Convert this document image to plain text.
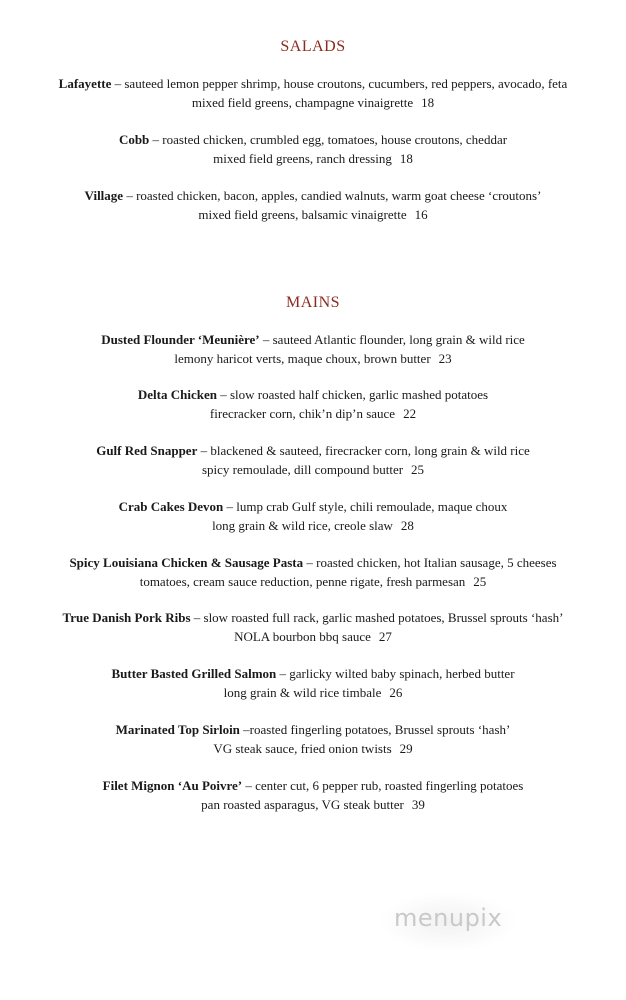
SALADS
Lafayette – sauteed lemon pepper shrimp, house croutons, cucumbers, red peppers, avocado, feta
mixed field greens, champagne vinaigrette 18
Cobb – roasted chicken, crumbled egg, tomatoes, house croutons, cheddar
mixed field greens, ranch dressing 18
Village – roasted chicken, bacon, apples, candied walnuts, warm goat cheese ‘croutons’
mixed field greens, balsamic vinaigrette 16
MAINS
Dusted Flounder ‘Meunière’ – sauteed Atlantic flounder, long grain & wild rice
lemony haricot verts, maque choux, brown butter 23
Delta Chicken – slow roasted half chicken, garlic mashed potatoes
firecracker corn, chik’n dip’n sauce 22
Gulf Red Snapper – blackened & sauteed, firecracker corn, long grain & wild rice
spicy remoulade, dill compound butter 25
Crab Cakes Devon – lump crab Gulf style, chili remoulade, maque choux
long grain & wild rice, creole slaw 28
Spicy Louisiana Chicken & Sausage Pasta – roasted chicken, hot Italian sausage, 5 cheeses
tomatoes, cream sauce reduction, penne rigate, fresh parmesan 25
True Danish Pork Ribs – slow roasted full rack, garlic mashed potatoes, Brussel sprouts ‘hash’
NOLA bourbon bbq sauce 27
Butter Basted Grilled Salmon – garlicky wilted baby spinach, herbed butter
long grain & wild rice timbale 26
Marinated Top Sirloin –roasted fingerling potatoes, Brussel sprouts ‘hash’
VG steak sauce, fried onion twists 29
Filet Mignon ‘Au Poivre’ – center cut, 6 pepper rub, roasted fingerling potatoes
pan roasted asparagus, VG steak butter 39
menupix
